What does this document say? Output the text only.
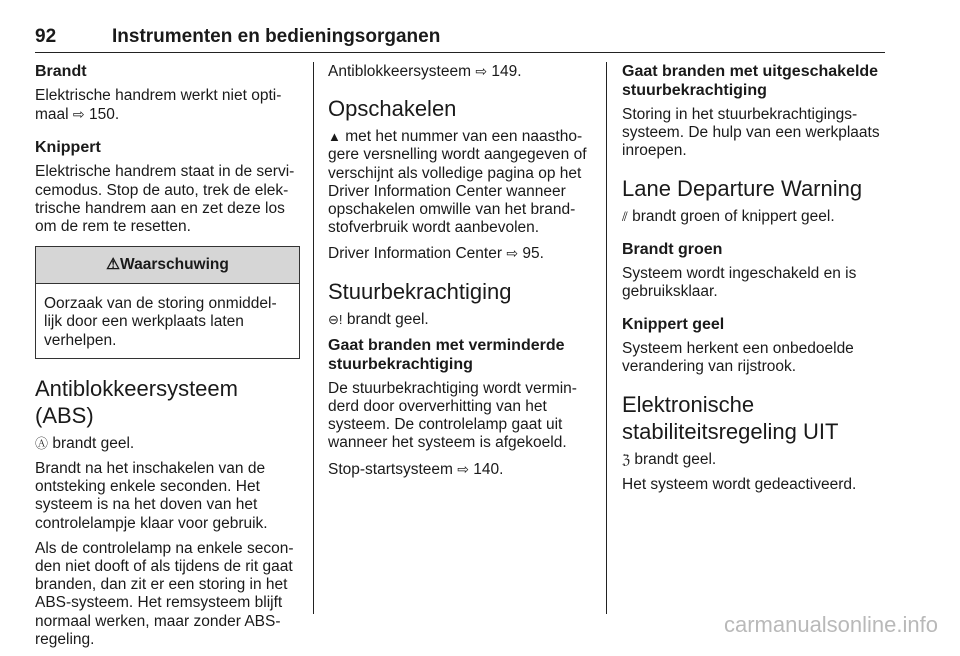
92	Instrumenten en bedieningsorganen
Brandt

Elektrische handrem werkt niet opti-maal ⇨ 150.

Knippert

Elektrische handrem staat in de servi-cemodus. Stop de auto, trek de elek-trische handrem aan en zet deze los om de rem te resetten.

⚠Waarschuwing
Oorzaak van de storing onmiddel-lijk door een werkplaats laten verhelpen.
Antiblokkeersysteem (ABS)

Ⓐ brandt geel.

Brandt na het inschakelen van de ontsteking enkele seconden. Het systeem is na het doven van het controlelampje klaar voor gebruik.

Als de controlelamp na enkele secon-den niet dooft of als tijdens de rit gaat branden, dan zit er een storing in het ABS-systeem. Het remsysteem blijft normaal werken, maar zonder ABS-regeling.

Antiblokkeersysteem ⇨ 149.

Opschakelen

▲ met het nummer van een naastho-gere versnelling wordt aangegeven of verschijnt als volledige pagina op het Driver Information Center wanneer opschakelen omwille van het brand-stofverbruik wordt aanbevolen.

Driver Information Center ⇨ 95.

Stuurbekrachtiging

⊖! brandt geel.

Gaat branden met verminderde stuurbekrachtiging

De stuurbekrachtiging wordt vermin-derd door oververhitting van het systeem. De controlelamp gaat uit wanneer het systeem is afgekoeld.

Stop-startsysteem ⇨ 140.

Gaat branden met uitgeschakelde stuurbekrachtiging

Storing in het stuurbekrachtigings-systeem. De hulp van een werkplaats inroepen.

Lane Departure Warning

⫽ brandt groen of knippert geel.

Brandt groen

Systeem wordt ingeschakeld en is gebruiksklaar.

Knippert geel

Systeem herkent een onbedoelde verandering van rijstrook.

Elektronische stabiliteitsregeling UIT

ℨ brandt geel.

Het systeem wordt gedeactiveerd.

carmanualsonline.info
